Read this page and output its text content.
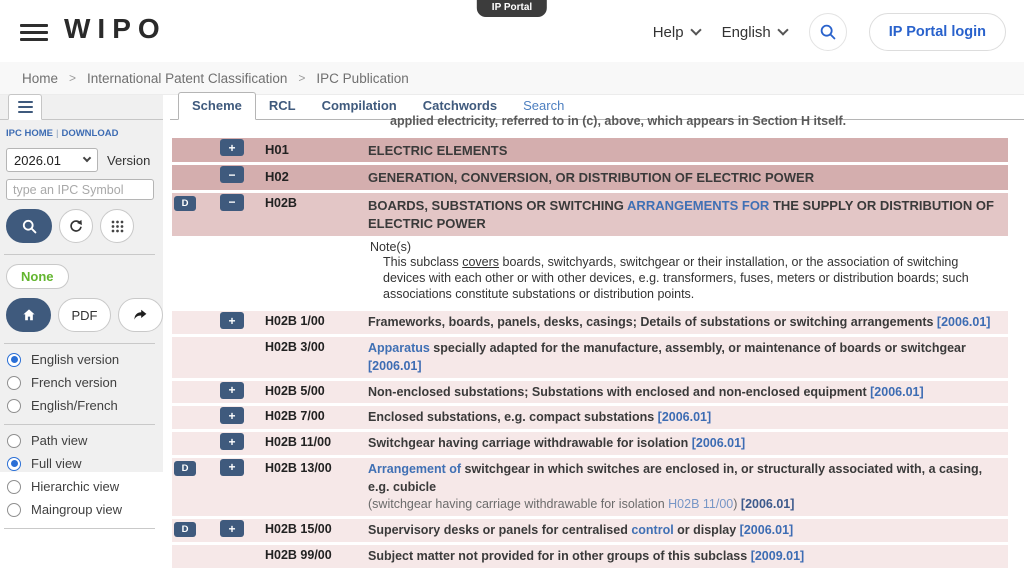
WIPO
IP Portal
Help	English	IP Portal login
Home > International Patent Classification > IPC Publication
IPC HOME | DOWNLOAD
2026.01	Version
type an IPC Symbol
None
PDF
English version
French version
English/French
Path view
Full view
Hierarchic view
Maingroup view
Scheme	RCL	Compilation	Catchwords	Search
applied electricity, referred to in (c), above, which appears in Section H itself.
+	H01	ELECTRIC ELEMENTS
−	H02	GENERATION, CONVERSION, OR DISTRIBUTION OF ELECTRIC POWER
D	−	H02B	BOARDS, SUBSTATIONS OR SWITCHING ARRANGEMENTS FOR THE SUPPLY OR DISTRIBUTION OF ELECTRIC POWER
Note(s)
This subclass covers boards, switchyards, switchgear or their installation, or the association of switching devices with each other or with other devices, e.g. transformers, fuses, meters or distribution boards; such associations constitute substations or distribution points.
+	H02B 1/00	Frameworks, boards, panels, desks, casings; Details of substations or switching arrangements [2006.01]
H02B 3/00	Apparatus specially adapted for the manufacture, assembly, or maintenance of boards or switchgear [2006.01]
+	H02B 5/00	Non-enclosed substations; Substations with enclosed and non-enclosed equipment [2006.01]
+	H02B 7/00	Enclosed substations, e.g. compact substations [2006.01]
+	H02B 11/00	Switchgear having carriage withdrawable for isolation [2006.01]
D	+	H02B 13/00	Arrangement of switchgear in which switches are enclosed in, or structurally associated with, a casing, e.g. cubicle
(switchgear having carriage withdrawable for isolation H02B 11/00) [2006.01]
D	+	H02B 15/00	Supervisory desks or panels for centralised control or display [2006.01]
H02B 99/00	Subject matter not provided for in other groups of this subclass [2009.01]
